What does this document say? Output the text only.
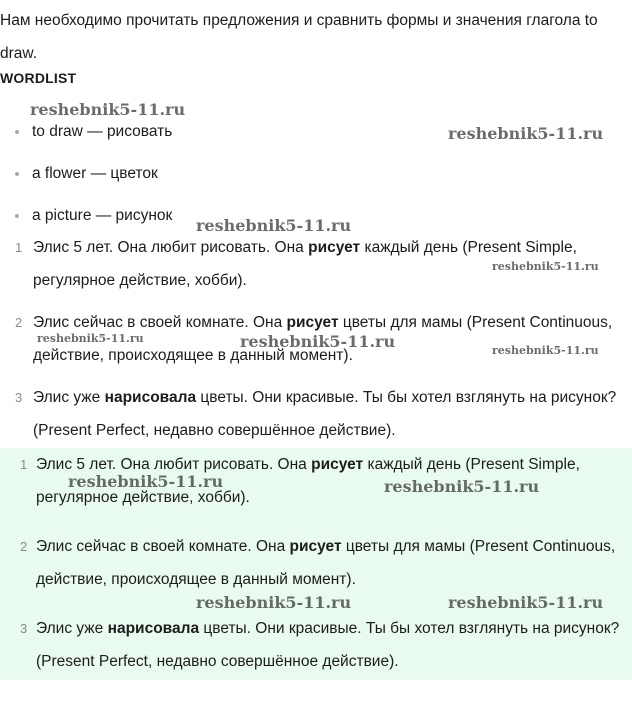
Нам необходимо прочитать предложения и сравнить формы и значения глагола to draw.
WORDLIST
to draw — рисовать
a flower — цветок
a picture — рисунок
1 Элис 5 лет. Она любит рисовать. Она рисует каждый день (Present Simple, регулярное действие, хобби).
2 Элис сейчас в своей комнате. Она рисует цветы для мамы (Present Continuous, действие, происходящее в данный момент).
3 Элис уже нарисовала цветы. Они красивые. Ты бы хотел взглянуть на рисунок? (Present Perfect, недавно совершённое действие).
1 Элис 5 лет. Она любит рисовать. Она рисует каждый день (Present Simple, регулярное действие, хобби).
2 Элис сейчас в своей комнате. Она рисует цветы для мамы (Present Continuous, действие, происходящее в данный момент).
3 Элис уже нарисовала цветы. Они красивые. Ты бы хотел взглянуть на рисунок? (Present Perfect, недавно совершённое действие).
reshebnik5-11.ru
reshebnik5-11.ru
reshebnik5-11.ru
reshebnik5-11.ru
reshebnik5-11.ru	reshebnik5-11.ru	reshebnik5-11.ru
reshebnik5-11.ru	reshebnik5-11.ru
reshebnik5-11.ru	reshebnik5-11.ru
